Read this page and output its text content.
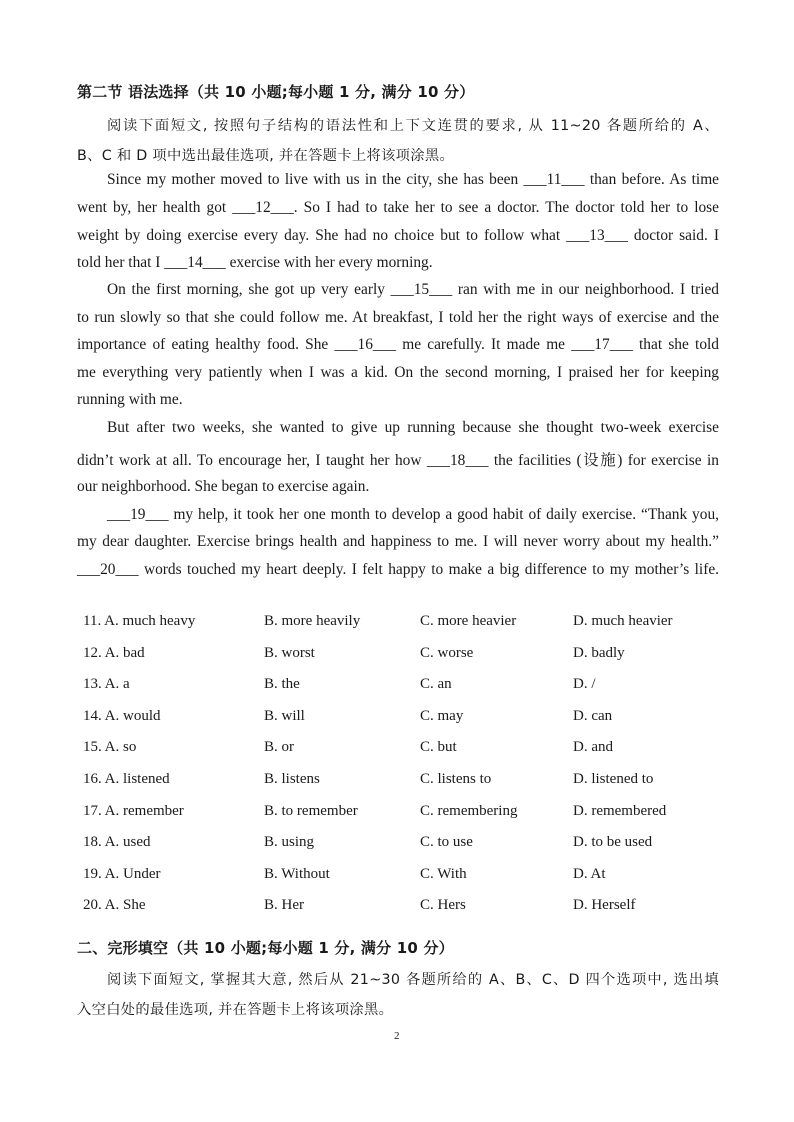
第二节 语法选择（共 10 小题;每小题 1 分, 满分 10 分）
阅读下面短文, 按照句子结构的语法性和上下文连贯的要求, 从 11~20 各题所给的 A、
B、C 和 D 项中选出最佳选项, 并在答题卡上将该项涂黑。
Since my mother moved to live with us in the city, she has been ___11___ than before. As time
went by, her health got ___12___. So I had to take her to see a doctor. The doctor told her to lose
weight by doing exercise every day. She had no choice but to follow what ___13___ doctor said. I
told her that I ___14___ exercise with her every morning.
On the first morning, she got up very early ___15___ ran with me in our neighborhood. I tried
to run slowly so that she could follow me. At breakfast, I told her the right ways of exercise and the
importance of eating healthy food. She ___16___ me carefully. It made me ___17___ that she told
me everything very patiently when I was a kid. On the second morning, I praised her for keeping
running with me.
But after two weeks, she wanted to give up running because she thought two-week exercise
didn’t work at all. To encourage her, I taught her how ___18___ the facilities (设施) for exercise in
our neighborhood. She began to exercise again.
___19___ my help, it took her one month to develop a good habit of daily exercise. “Thank you,
my dear daughter. Exercise brings health and happiness to me. I will never worry about my health.”
___20___ words touched my heart deeply. I felt happy to make a big difference to my mother’s life.
11. A. much heavy	B. more heavily	C. more heavier	D. much heavier
12. A. bad	B. worst	C. worse	D. badly
13. A. a	B. the	C. an	D. /
14. A. would	B. will	C. may	D. can
15. A. so	B. or	C. but	D. and
16. A. listened	B. listens	C. listens to	D. listened to
17. A. remember	B. to remember	C. remembering	D. remembered
18. A. used	B. using	C. to use	D. to be used
19. A. Under	B. Without	C. With	D. At
20. A. She	B. Her	C. Hers	D. Herself
二、完形填空（共 10 小题;每小题 1 分, 满分 10 分）
阅读下面短文, 掌握其大意, 然后从 21~30 各题所给的 A、B、C、D 四个选项中, 选出填
入空白处的最佳选项, 并在答题卡上将该项涂黑。
2
